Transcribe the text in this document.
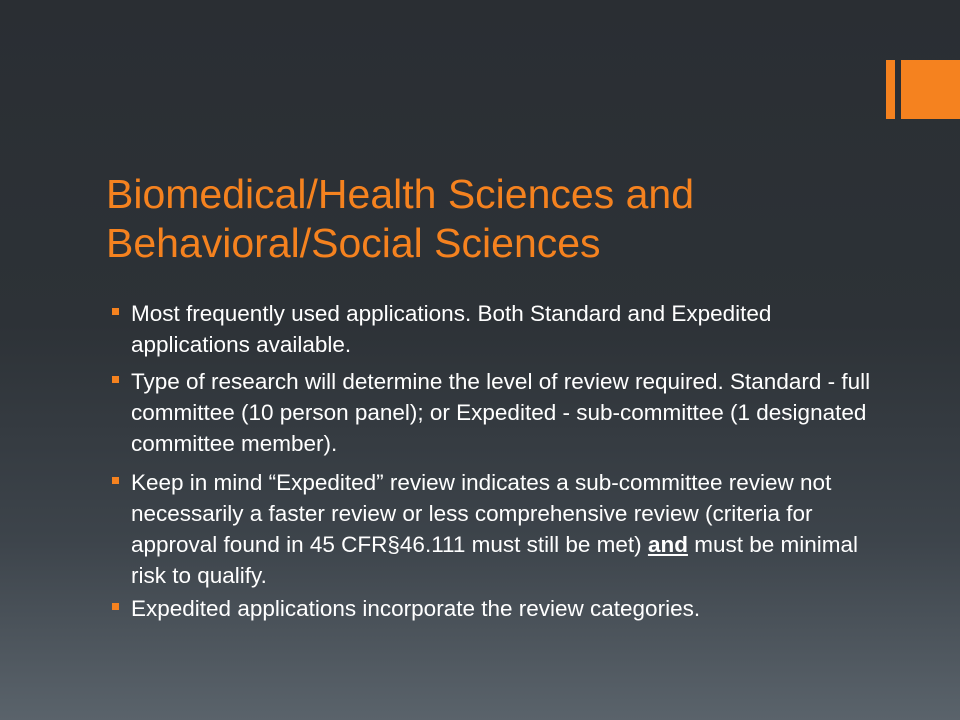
Biomedical/Health Sciences and
Behavioral/Social Sciences
Most frequently used applications. Both Standard and Expedited applications available.
Type of research will determine the level of review required. Standard - full committee (10 person panel); or Expedited - sub-committee (1 designated committee member).
Keep in mind “Expedited” review indicates a sub-committee review not necessarily a faster review or less comprehensive review (criteria for approval found in 45 CFR§46.111 must still be met) and must be minimal risk to qualify.
Expedited applications incorporate the review categories.
